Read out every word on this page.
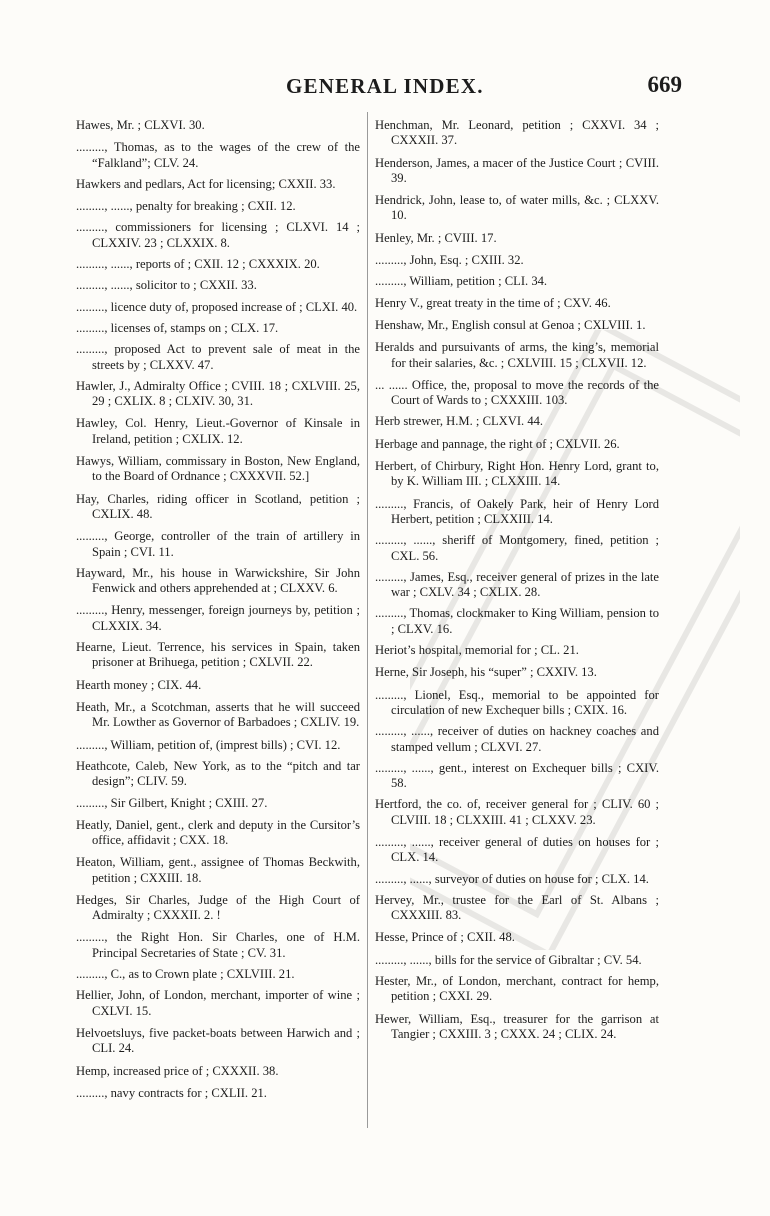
GENERAL INDEX.	669
Hawes, Mr. ; CLXVI. 30.
........., Thomas, as to the wages of the crew of the “Falkland”; CLV. 24.
Hawkers and pedlars, Act for licensing; CXXII. 33.
........., ......, penalty for breaking ; CXII. 12.
........., commissioners for licensing ; CLXVI. 14 ; CLXXIV. 23 ; CLXXIX. 8.
........., ......, reports of ; CXII. 12 ; CXXXIX. 20.
........., ......, solicitor to ; CXXII. 33.
........., licence duty of, proposed increase of ; CLXI. 40.
........., licenses of, stamps on ; CLX. 17.
........., proposed Act to prevent sale of meat in the streets by ; CLXXV. 47.
Hawler, J., Admiralty Office ; CVIII. 18 ; CXLVIII. 25, 29 ; CXLIX. 8 ; CLXIV. 30, 31.
Hawley, Col. Henry, Lieut.-Governor of Kinsale in Ireland, petition ; CXLIX. 12.
Hawys, William, commissary in Boston, New England, to the Board of Ordnance ; CXXXVII. 52.]
Hay, Charles, riding officer in Scotland, petition ; CXLIX. 48.
........., George, controller of the train of artillery in Spain ; CVI. 11.
Hayward, Mr., his house in Warwickshire, Sir John Fenwick and others apprehended at ; CLXXV. 6.
........., Henry, messenger, foreign journeys by, petition ; CLXXIX. 34.
Hearne, Lieut. Terrence, his services in Spain, taken prisoner at Brihuega, petition ; CXLVII. 22.
Hearth money ; CIX. 44.
Heath, Mr., a Scotchman, asserts that he will succeed Mr. Lowther as Governor of Barbadoes ; CXLIV. 19.
........., William, petition of, (imprest bills) ; CVI. 12.
Heathcote, Caleb, New York, as to the “pitch and tar design”; CLIV. 59.
........., Sir Gilbert, Knight ; CXIII. 27.
Heatly, Daniel, gent., clerk and deputy in the Cursitor’s office, affidavit ; CXX. 18.
Heaton, William, gent., assignee of Thomas Beckwith, petition ; CXXIII. 18.
Hedges, Sir Charles, Judge of the High Court of Admiralty ; CXXXII. 2. !
........., the Right Hon. Sir Charles, one of H.M. Principal Secretaries of State ; CV. 31.
........., C., as to Crown plate ; CXLVIII. 21.
Hellier, John, of London, merchant, importer of wine ; CXLVI. 15.
Helvoetsluys, five packet-boats between Harwich and ; CLI. 24.
Hemp, increased price of ; CXXXII. 38.
........., navy contracts for ; CXLII. 21.
Henchman, Mr. Leonard, petition ; CXXVI. 34 ; CXXXII. 37.
Henderson, James, a macer of the Justice Court ; CVIII. 39.
Hendrick, John, lease to, of water mills, &c. ; CLXXV. 10.
Henley, Mr. ; CVIII. 17.
........., John, Esq. ; CXIII. 32.
........., William, petition ; CLI. 34.
Henry V., great treaty in the time of ; CXV. 46.
Henshaw, Mr., English consul at Genoa ; CXLVIII. 1.
Heralds and pursuivants of arms, the king’s, memorial for their salaries, &c. ; CXLVIII. 15 ; CLXVII. 12.
... ...... Office, the, proposal to move the records of the Court of Wards to ; CXXXIII. 103.
Herb strewer, H.M. ; CLXVI. 44.
Herbage and pannage, the right of ; CXLVII. 26.
Herbert, of Chirbury, Right Hon. Henry Lord, grant to, by K. William III. ; CLXXIII. 14.
........., Francis, of Oakely Park, heir of Henry Lord Herbert, petition ; CLXXIII. 14.
........., ......, sheriff of Montgomery, fined, petition ; CXL. 56.
........., James, Esq., receiver general of prizes in the late war ; CXLV. 34 ; CXLIX. 28.
........., Thomas, clockmaker to King William, pension to ; CLXV. 16.
Heriot’s hospital, memorial for ; CL. 21.
Herne, Sir Joseph, his “super” ; CXXIV. 13.
........., Lionel, Esq., memorial to be appointed for circulation of new Exchequer bills ; CXIX. 16.
........., ......, receiver of duties on hackney coaches and stamped vellum ; CLXVI. 27.
........., ......, gent., interest on Exchequer bills ; CXIV. 58.
Hertford, the co. of, receiver general for ; CLIV. 60 ; CLVIII. 18 ; CLXXIII. 41 ; CLXXV. 23.
........., ......, receiver general of duties on houses for ; CLX. 14.
........., ......, surveyor of duties on house for ; CLX. 14.
Hervey, Mr., trustee for the Earl of St. Albans ; CXXXIII. 83.
Hesse, Prince of ; CXII. 48.
........., ......, bills for the service of Gibraltar ; CV. 54.
Hester, Mr., of London, merchant, contract for hemp, petition ; CXXI. 29.
Hewer, William, Esq., treasurer for the garrison at Tangier ; CXXIII. 3 ; CXXX. 24 ; CLIX. 24.
